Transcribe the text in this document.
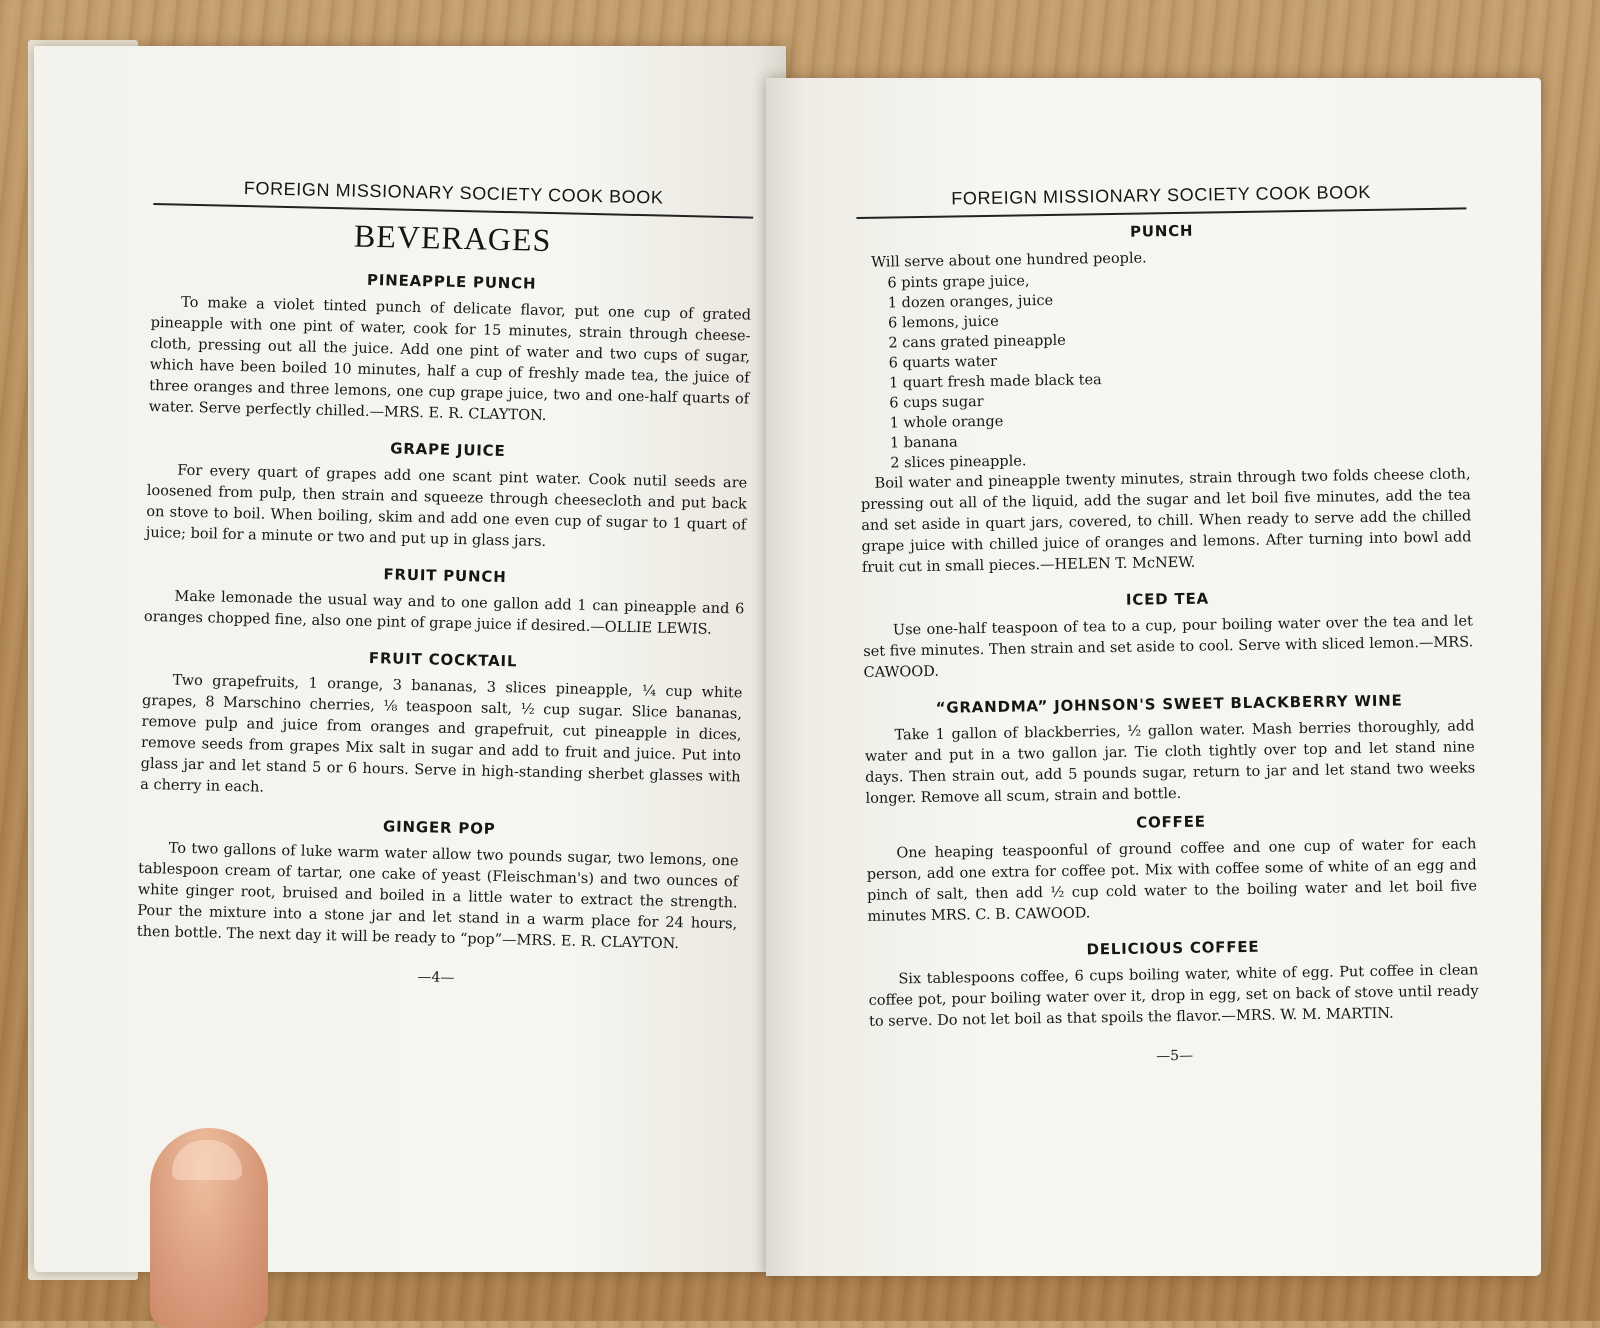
FOREIGN MISSIONARY SOCIETY COOK BOOK
BEVERAGES
PINEAPPLE PUNCH

To make a violet tinted punch of delicate flavor, put one cup of grated pineapple with one pint of water, cook for 15 minutes, strain through cheese-cloth, pressing out all the juice. Add one pint of water and two cups of sugar, which have been boiled 10 minutes, half a cup of freshly made tea, the juice of three oranges and three lemons, one cup grape juice, two and one-half quarts of water. Serve perfectly chilled.—MRS. E. R. CLAYTON.

GRAPE JUICE

For every quart of grapes add one scant pint water. Cook nutil seeds are loosened from pulp, then strain and squeeze through cheesecloth and put back on stove to boil. When boiling, skim and add one even cup of sugar to 1 quart of juice; boil for a minute or two and put up in glass jars.

FRUIT PUNCH

Make lemonade the usual way and to one gallon add 1 can pineapple and 6 oranges chopped fine, also one pint of grape juice if desired.—OLLIE LEWIS.

FRUIT COCKTAIL

Two grapefruits, 1 orange, 3 bananas, 3 slices pineapple, ¼ cup white grapes, 8 Marschino cherries, ⅛ teaspoon salt, ½ cup sugar. Slice bananas, remove pulp and juice from oranges and grapefruit, cut pineapple in dices, remove seeds from grapes Mix salt in sugar and add to fruit and juice. Put into glass jar and let stand 5 or 6 hours. Serve in high-standing sherbet glasses with a cherry in each.

GINGER POP

To two gallons of luke warm water allow two pounds sugar, two lemons, one tablespoon cream of tartar, one cake of yeast (Fleischman's) and two ounces of white ginger root, bruised and boiled in a little water to extract the strength. Pour the mixture into a stone jar and let stand in a warm place for 24 hours, then bottle. The next day it will be ready to “pop”—MRS. E. R. CLAYTON.

—4—
FOREIGN MISSIONARY SOCIETY COOK BOOK
PUNCH

Will serve about one hundred people.

6 pints grape juice,
1 dozen oranges, juice
6 lemons, juice
2 cans grated pineapple
6 quarts water
1 quart fresh made black tea
6 cups sugar
1 whole orange
1 banana
2 slices pineapple.

Boil water and pineapple twenty minutes, strain through two folds cheese cloth, pressing out all of the liquid, add the sugar and let boil five minutes, add the tea and set aside in quart jars, covered, to chill. When ready to serve add the chilled grape juice with chilled juice of oranges and lemons. After turning into bowl add fruit cut in small pieces.—HELEN T. McNEW.

ICED TEA

Use one-half teaspoon of tea to a cup, pour boiling water over the tea and let set five minutes. Then strain and set aside to cool. Serve with sliced lemon.—MRS. CAWOOD.

“GRANDMA” JOHNSON'S SWEET BLACKBERRY WINE

Take 1 gallon of blackberries, ½ gallon water. Mash berries thoroughly, add water and put in a two gallon jar. Tie cloth tightly over top and let stand nine days. Then strain out, add 5 pounds sugar, return to jar and let stand two weeks longer. Remove all scum, strain and bottle.

COFFEE

One heaping teaspoonful of ground coffee and one cup of water for each person, add one extra for coffee pot. Mix with coffee some of white of an egg and pinch of salt, then add ½ cup cold water to the boiling water and let boil five minutes MRS. C. B. CAWOOD.

DELICIOUS COFFEE

Six tablespoons coffee, 6 cups boiling water, white of egg. Put coffee in clean coffee pot, pour boiling water over it, drop in egg, set on back of stove until ready to serve. Do not let boil as that spoils the flavor.—MRS. W. M. MARTIN.

—5—
